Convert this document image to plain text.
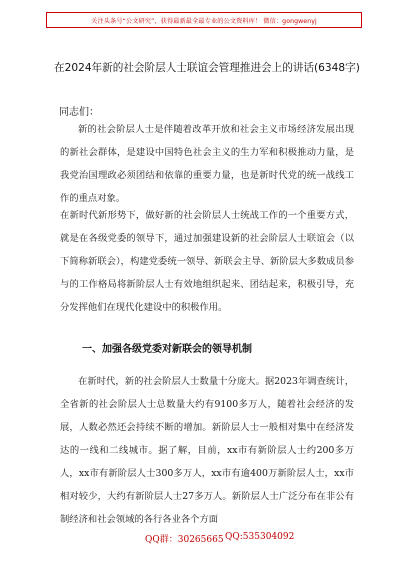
关注头条号“公文研究”，获得最新最全最专业的公文资料库！ 微信：gongwenyj
在2024年新的社会阶层人士联谊会管理推进会上的讲话(6348字)
同志们：

新的社会阶层人士是伴随着改革开放和社会主义市场经济发展出现的新社会群体，是建设中国特色社会主义的生力军和积极推动力量，是我党治国理政必须团结和依靠的重要力量，也是新时代党的统一战线工作的重点对象。

在新时代新形势下，做好新的社会阶层人士统战工作的一个重要方式，就是在各级党委的领导下，通过加强建设新的社会阶层人士联谊会（以下简称新联会），构建党委统一领导、新联会主导、新阶层大多数成员参与的工作格局将新阶层人士有效地组织起来、团结起来，积极引导，充分发挥他们在现代化建设中的积极作用。

一、加强各级党委对新联会的领导机制

在新时代，新的社会阶层人士数量十分庞大。据2023年调查统计，全省新的社会阶层人士总数量大约有9100多万人，随着社会经济的发展，人数必然还会持续不断的增加。新阶层人士一般相对集中在经济发达的一线和二线城市。据了解，目前，xx市有新阶层人士约200多万人，xx市有新阶层人士300多万人，xx市有逾400万新阶层人士，xx市相对较少，大约有新阶层人士27多万人。新阶层人士广泛分布在非公有制经济和社会领域的各行各业各个方面

QQ群：30265665 QQ:535304092
